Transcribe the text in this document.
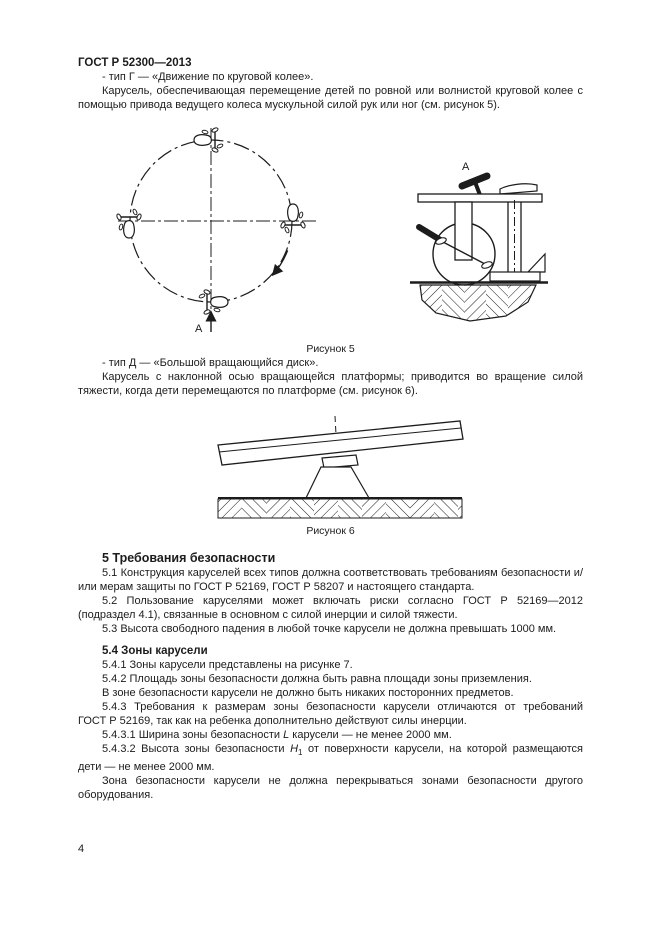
ГОСТ Р 52300—2013

- тип Г — «Движение по круговой колее».

Карусель, обеспечивающая перемещение детей по ровной или волнистой круговой колее с помощью привода ведущего колеса мускульной силой рук или ног (см. рисунок 5).

А
А

Рисунок 5

- тип Д — «Большой вращающийся диск».

Карусель с наклонной осью вращающейся платформы; приводится во вращение силой тяжести, когда дети перемещаются по платформе (см. рисунок 6).

Рисунок 6

5 Требования безопасности

5.1 Конструкция каруселей всех типов должна соответствовать требованиям безопасности и/или мерам защиты по ГОСТ Р 52169, ГОСТ Р 58207 и настоящего стандарта.

5.2 Пользование каруселями может включать риски согласно ГОСТ Р 52169—2012 (подраздел 4.1), связанные в основном с силой инерции и силой тяжести.

5.3 Высота свободного падения в любой точке карусели не должна превышать 1000 мм.

5.4 Зоны карусели

5.4.1 Зоны карусели представлены на рисунке 7.

5.4.2 Площадь зоны безопасности должна быть равна площади зоны приземления.

В зоне безопасности карусели не должно быть никаких посторонних предметов.

5.4.3 Требования к размерам зоны безопасности карусели отличаются от требований ГОСТ Р 52169, так как на ребенка дополнительно действуют силы инерции.

5.4.3.1 Ширина зоны безопасности L карусели — не менее 2000 мм.

5.4.3.2 Высота зоны безопасности $H_1$ от поверхности карусели, на которой размещаются дети — не менее 2000 мм.

Зона безопасности карусели не должна перекрываться зонами безопасности другого оборудования.

4
